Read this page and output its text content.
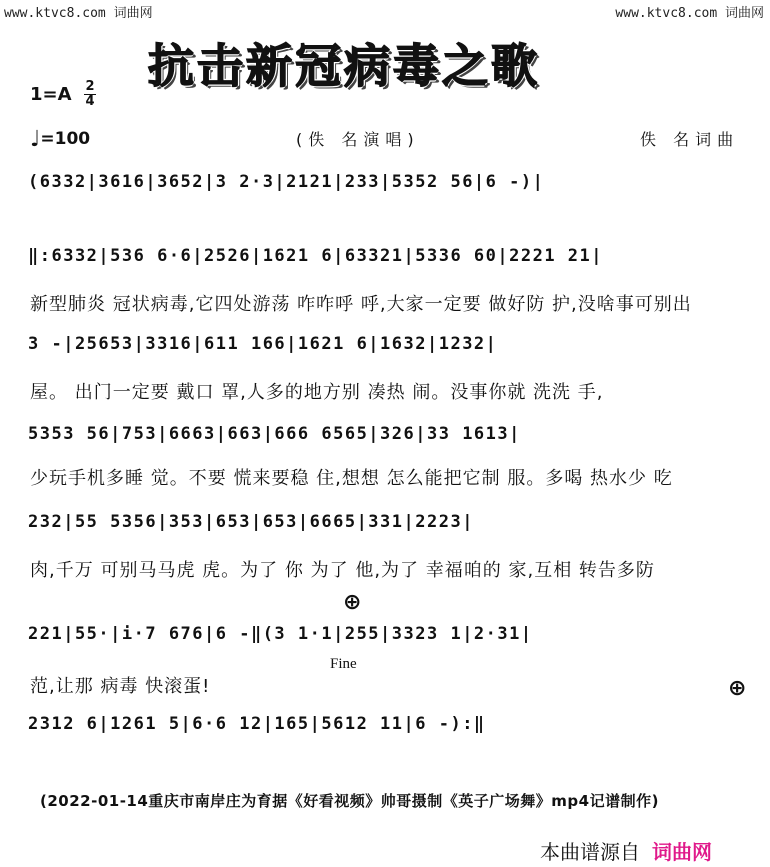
www.ktvc8.com 词曲网	www.ktvc8.com 词曲网
抗击新冠病毒之歌
1=A 2
4
♩=100	(佚 名演唱)	佚 名词曲
(6332|3616|3652|3 2·3|2121|233|5352 56|6 -)|
‖:6332|536 6·6|2526|1621 6|63321|5336 60|2221 21|
新型肺炎 冠状病毒,它四处游荡 咋咋呼 呼,大家一定要 做好防 护,没啥事可别出
3 -|25653|3316|611 166|1621 6|1632|1232|
屋。 出门一定要 戴口 罩,人多的地方别 凑热 闹。没事你就 洗洗 手,
5353 56|753|6663|663|666 6565|326|33 1613|
少玩手机多睡 觉。不要 慌来要稳 住,想想 怎么能把它制 服。多喝 热水少 吃
232|55 5356|353|653|653|6665|331|2223|
肉,千万 可别马马虎 虎。为了 你 为了 他,为了 幸福咱的 家,互相 转告多防
⊕
221|55·|i·7 676|6 -‖(3 1·1|255|3323 1|2·31|
Fine
范,让那 病毒 快滚蛋!	⊕
2312 6|1261 5|6·6 12|165|5612 11|6 -):‖
(2022-01-14重庆市南岸庄为育据《好看视频》帅哥摄制《英子广场舞》mp4记谱制作)
本曲谱源自 词曲网
